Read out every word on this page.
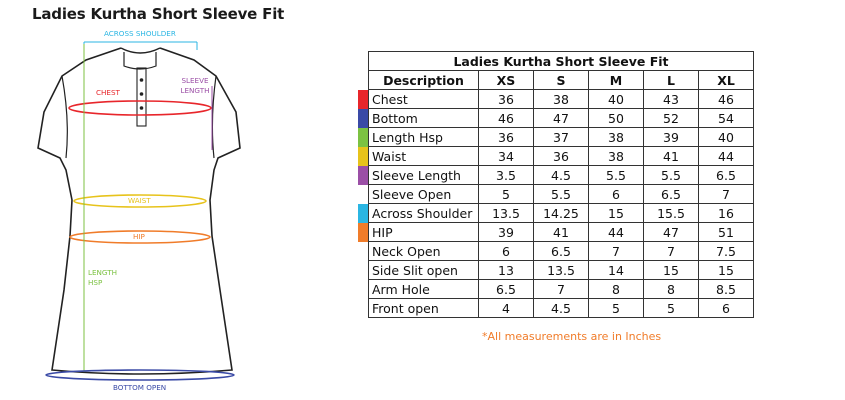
Ladies Kurtha Short Sleeve Fit
ACROSS SHOULDER
CHEST
SLEEVE LENGTH
WAIST
HIP
LENGTH HSP
BOTTOM OPEN
Ladies Kurtha Short Sleeve Fit					
Description	XS	S	M	L	XL
Chest	36	38	40	43	46
Bottom	46	47	50	52	54
Length Hsp	36	37	38	39	40
Waist	34	36	38	41	44
Sleeve Length	3.5	4.5	5.5	5.5	6.5
Sleeve Open	5	5.5	6	6.5	7
Across Shoulder	13.5	14.25	15	15.5	16
HIP	39	41	44	47	51
Neck Open	6	6.5	7	7	7.5
Side Slit open	13	13.5	14	15	15
Arm Hole	6.5	7	8	8	8.5
Front open	4	4.5	5	5	6
*All measurements are in Inches
